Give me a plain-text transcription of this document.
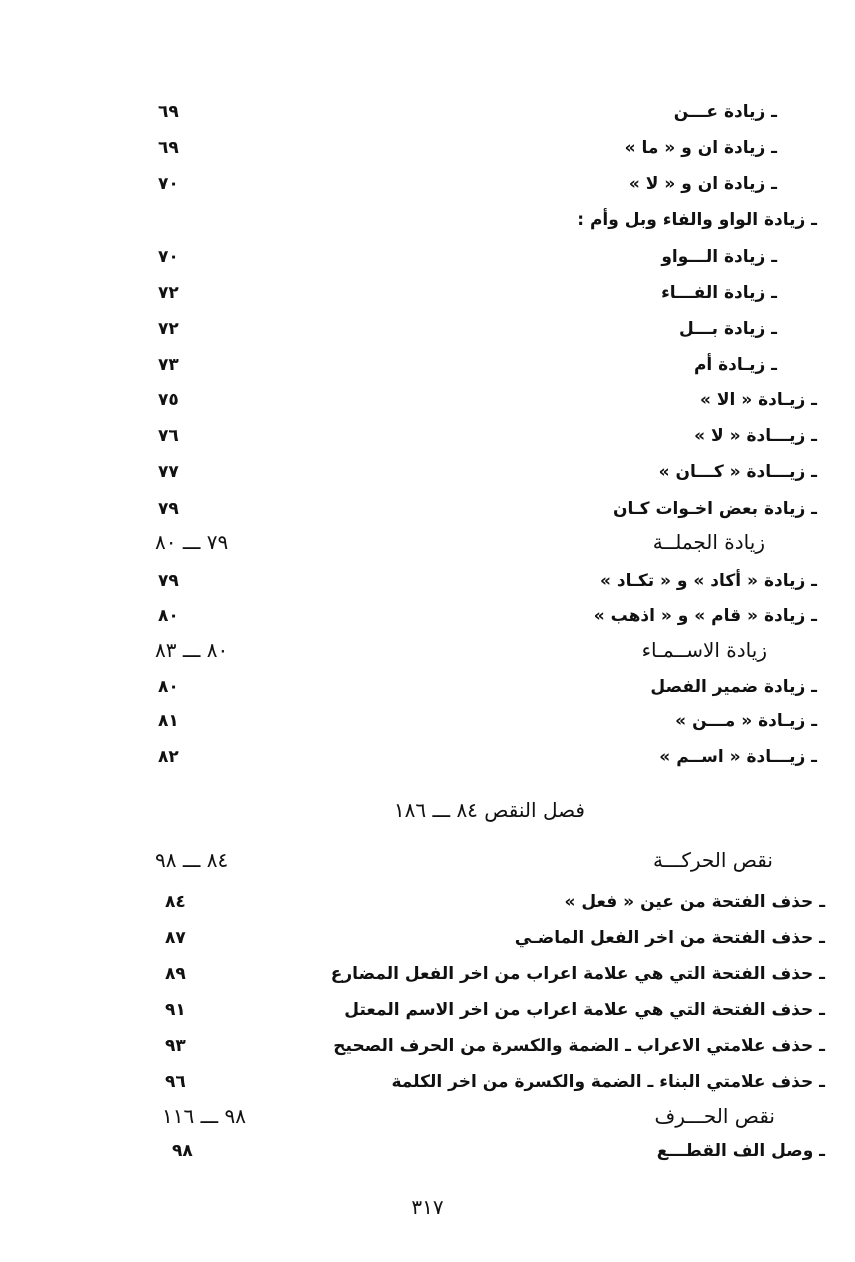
ـ زيادة عـــن
٦٩
ـ زيادة ان و « ما »
٦٩
ـ زيادة ان و « لا »
٧٠
ـ زيادة الواو والفاء وبل وأم :
ـ زيادة الـــواو
٧٠
ـ زيادة الفـــاء
٧٢
ـ زيادة بـــل
٧٢
ـ زيـادة أم
٧٣
ـ زيـادة « الا »
٧٥
ـ زيـــادة « لا »
٧٦
ـ زيـــادة « كـــان »
٧٧
ـ زيادة بعض اخـوات كـان
٧٩
زيادة الجملــة
٧٩ ـــ ٨٠
ـ زيادة « أكاد » و « تكـاد »
٧٩
ـ زيادة « قام » و « اذهب »
٨٠
زيادة الاســمـاء
٨٠ ـــ ٨٣
ـ زيادة ضمير الفصل
٨٠
ـ زيـادة « مـــن »
٨١
ـ زيـــادة « اســم »
٨٢
فصل النقص ٨٤ ـــ ١٨٦
نقص الحركـــة
٨٤ ـــ ٩٨
ـ حذف الفتحة من عين « فعل »
٨٤
ـ حذف الفتحة من اخر الفعل الماضـي
٨٧
ـ حذف الفتحة التي هي علامة اعراب من اخر الفعل المضارع
٨٩
ـ حذف الفتحة التي هي علامة اعراب من اخر الاسم المعتل
٩١
ـ حذف علامتي الاعراب ـ الضمة والكسرة من الحرف الصحيح
٩٣
ـ حذف علامتي البناء ـ الضمة والكسرة من اخر الكلمة
٩٦
نقص الحـــرف
٩٨ ـــ ١١٦
ـ وصل الف القطـــع
٩٨
٣١٧
